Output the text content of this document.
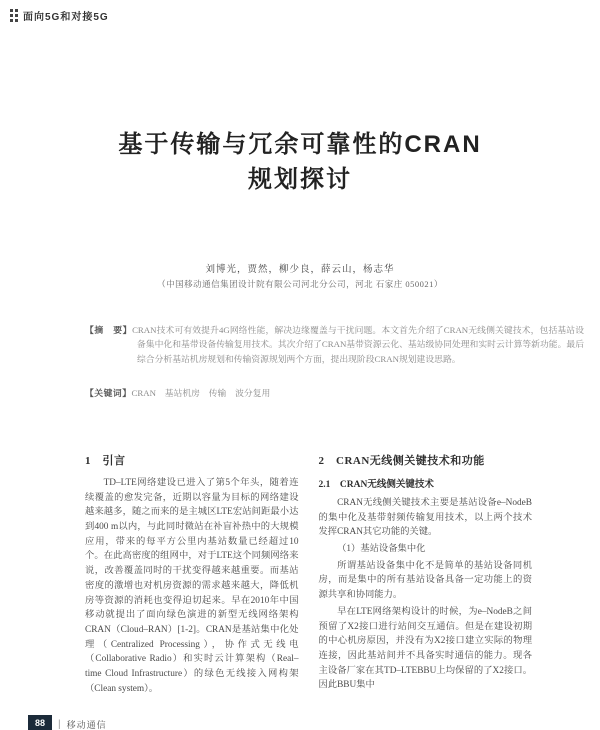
面向5G和对接5G
基于传输与冗余可靠性的CRAN
规划探讨
刘博光，贾然，柳少良，薛云山，杨志华
（中国移动通信集团设计院有限公司河北分公司，河北 石家庄 050021）
【摘　要】CRAN技术可有效提升4G网络性能，解决边缘覆盖与干扰问题。本文首先介绍了CRAN无线侧关键技术，包括基站设备集中化和基带设备传输复用技术。其次介绍了CRAN基带资源云化、基站级协同处理和实时云计算等新功能。最后综合分析基站机房规划和传输资源规划两个方面，提出现阶段CRAN规划建设思路。
【关键词】CRAN　基站机房　传输　波分复用
1　引言

TD–LTE网络建设已进入了第5个年头，随着连续覆盖的愈发完备，近期以容量为目标的网络建设越来越多，随之而来的是主城区LTE宏站间距最小达到400 m以内，与此同时微站在补盲补热中的大规模应用，带来的每平方公里内基站数量已经超过10个。在此高密度的组网中，对于LTE这个同频网络来说，改善覆盖同时的干扰变得越来越重要。而基站密度的激增也对机房资源的需求越来越大，降低机房等资源的消耗也变得迫切起来。早在2010年中国移动就提出了面向绿色演进的新型无线网络架构CRAN（Cloud–RAN）[1-2]。CRAN是基站集中化处理（Centralized Processing），协作式无线电（Collaborative Radio）和实时云计算架构（Real–time Cloud Infrastructure）的绿色无线接入网构架（Clean system）。

2　CRAN无线侧关键技术和功能
2.1　CRAN无线侧关键技术

CRAN无线侧关键技术主要是基站设备e–NodeB的集中化及基带射频传输复用技术，以上两个技术发挥CRAN其它功能的关键。

（1）基站设备集中化

所谓基站设备集中化不是简单的基站设备同机房，而是集中的所有基站设备具备一定功能上的资源共享和协同能力。

早在LTE网络架构设计的时候，为e–NodeB之间预留了X2接口进行站间交互通信。但是在建设初期的中心机房原因，并没有为X2接口建立实际的物理连接，因此基站间并不具备实时通信的能力。现各主设备厂家在其TD–LTEBBU上均保留的了X2接口。因此BBU集中

88	| 移动通信
